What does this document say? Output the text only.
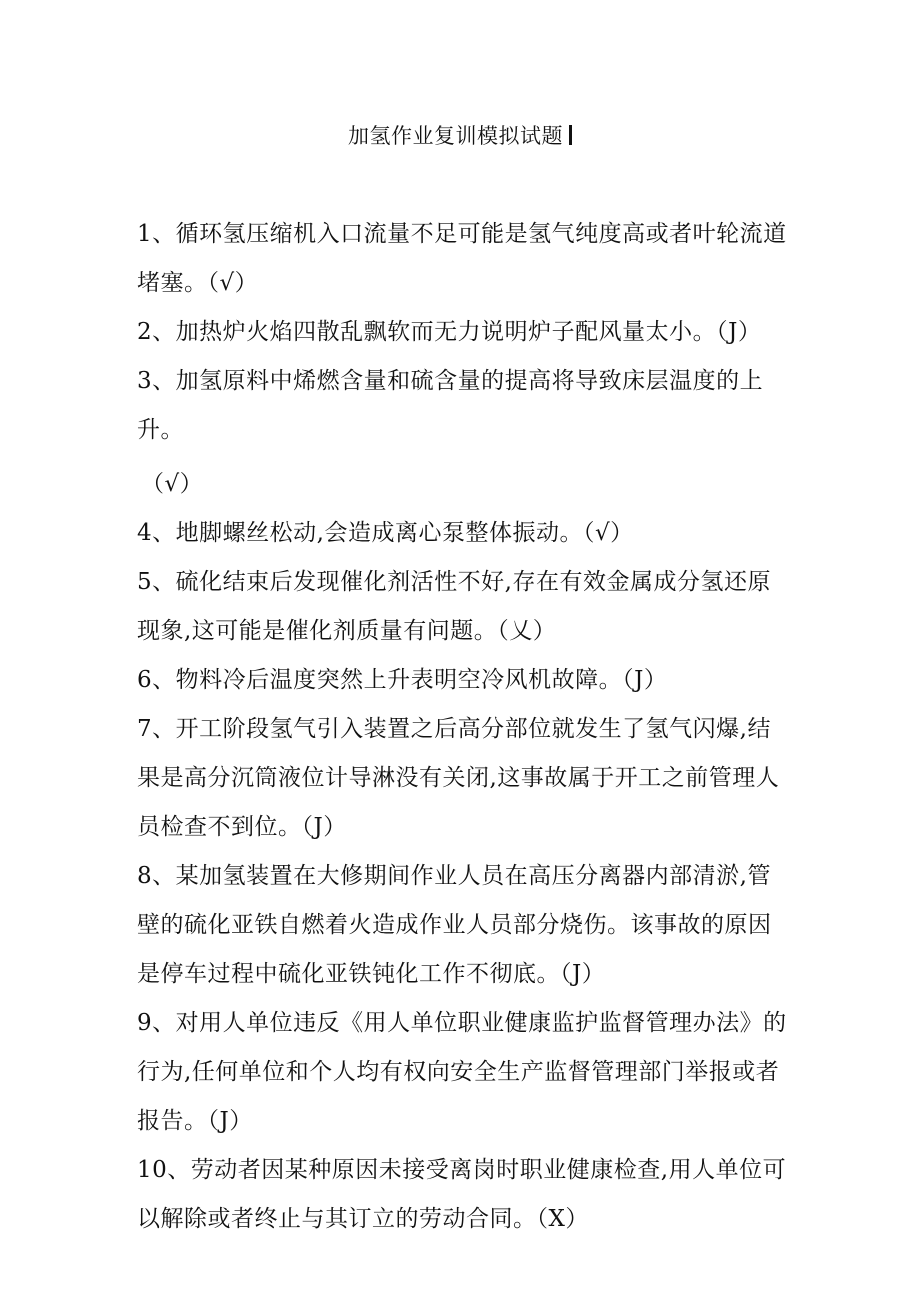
加氢作业复训模拟试题

1、循环氢压缩机入口流量不足可能是氢气纯度高或者叶轮流道堵塞。（√）

2、加热炉火焰四散乱飘软而无力说明炉子配风量太小。（J）

3、加氢原料中烯燃含量和硫含量的提高将导致床层温度的上升。
（√）

4、地脚螺丝松动,会造成离心泵整体振动。（√）

5、硫化结束后发现催化剂活性不好,存在有效金属成分氢还原现象,这可能是催化剂质量有问题。（乂）

6、物料冷后温度突然上升表明空冷风机故障。（J）

7、开工阶段氢气引入装置之后高分部位就发生了氢气闪爆,结果是高分沉筒液位计导淋没有关闭,这事故属于开工之前管理人员检查不到位。（J）

8、某加氢装置在大修期间作业人员在高压分离器内部清淤,管壁的硫化亚铁自燃着火造成作业人员部分烧伤。该事故的原因是停车过程中硫化亚铁钝化工作不彻底。（J）

9、对用人单位违反《用人单位职业健康监护监督管理办法》的行为,任何单位和个人均有权向安全生产监督管理部门举报或者报告。（J）

10、劳动者因某种原因未接受离岗时职业健康检查,用人单位可以解除或者终止与其订立的劳动合同。（X）
